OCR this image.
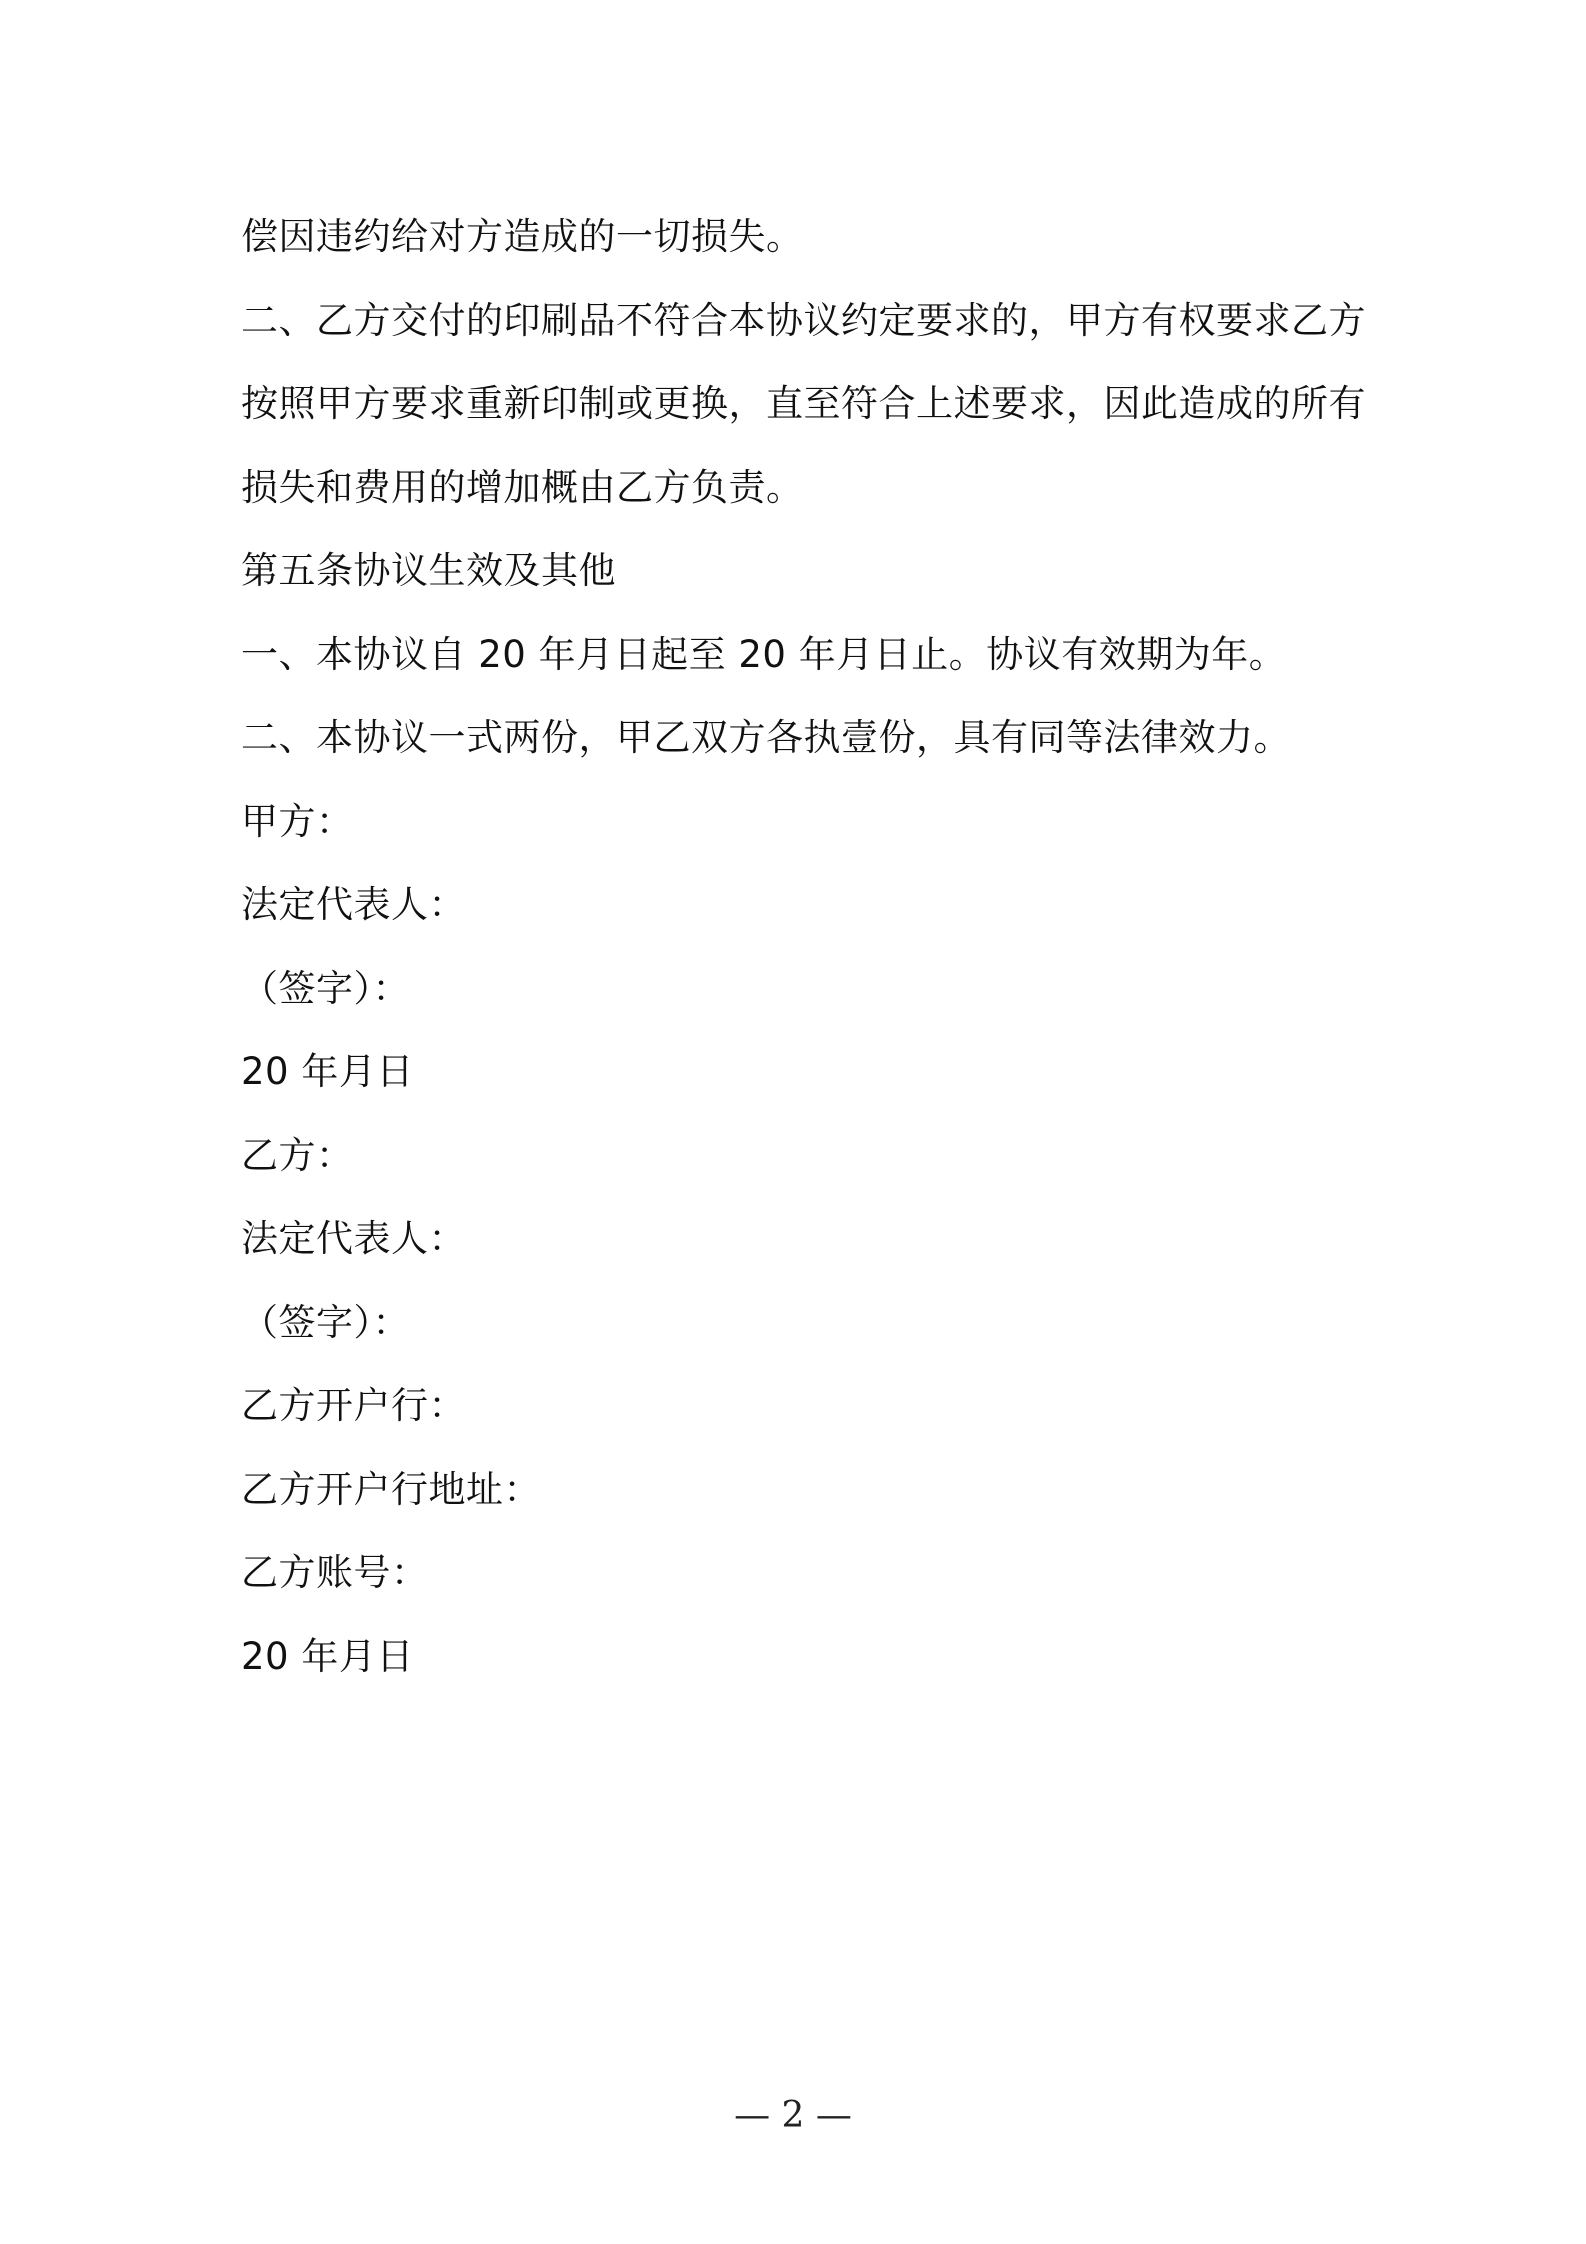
偿因违约给对方造成的一切损失。
二、乙方交付的印刷品不符合本协议约定要求的，甲方有权要求乙方
按照甲方要求重新印制或更换，直至符合上述要求，因此造成的所有
损失和费用的增加概由乙方负责。
第五条协议生效及其他
一、本协议自 20 年月日起至 20 年月日止。协议有效期为年。
二、本协议一式两份，甲乙双方各执壹份，具有同等法律效力。
甲方：
法定代表人：
（签字）：
20 年月日
乙方：
法定代表人：
（签字）：
乙方开户行：
乙方开户行地址：
乙方账号：
20 年月日
— 2 —
